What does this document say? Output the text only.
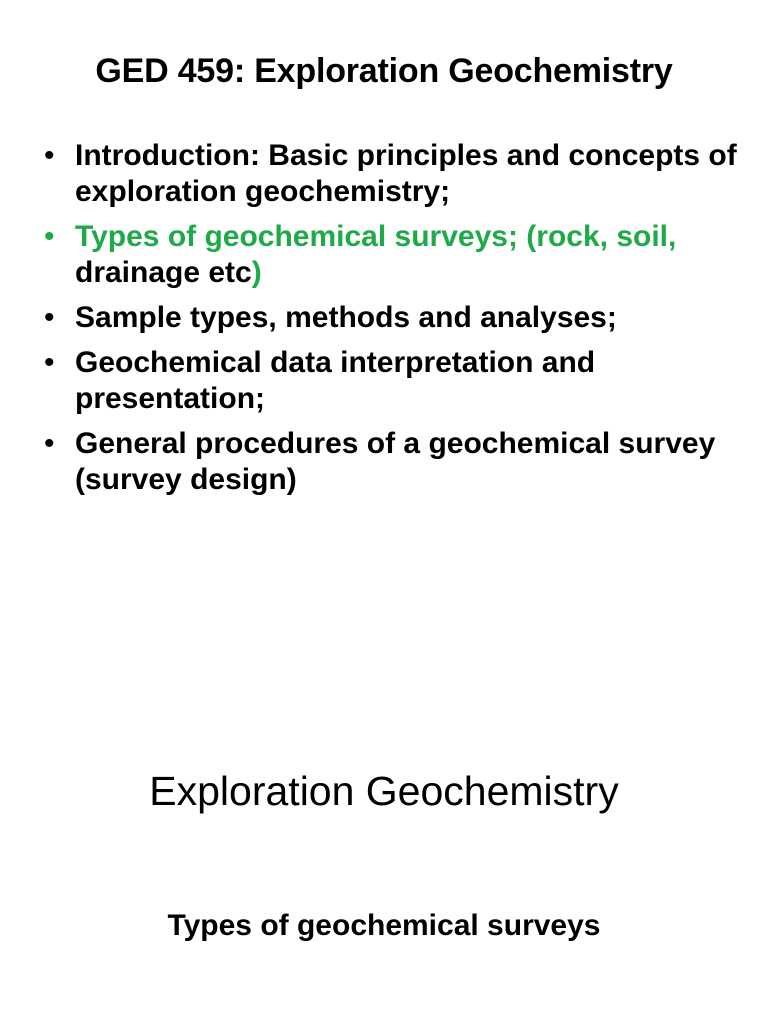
GED 459: Exploration Geochemistry
• Introduction: Basic principles and concepts of exploration geochemistry;
• Types of geochemical surveys; (rock, soil, drainage etc)
• Sample types, methods and analyses;
• Geochemical data interpretation and presentation;
• General procedures of a geochemical survey (survey design)
Exploration Geochemistry
Types of geochemical surveys
